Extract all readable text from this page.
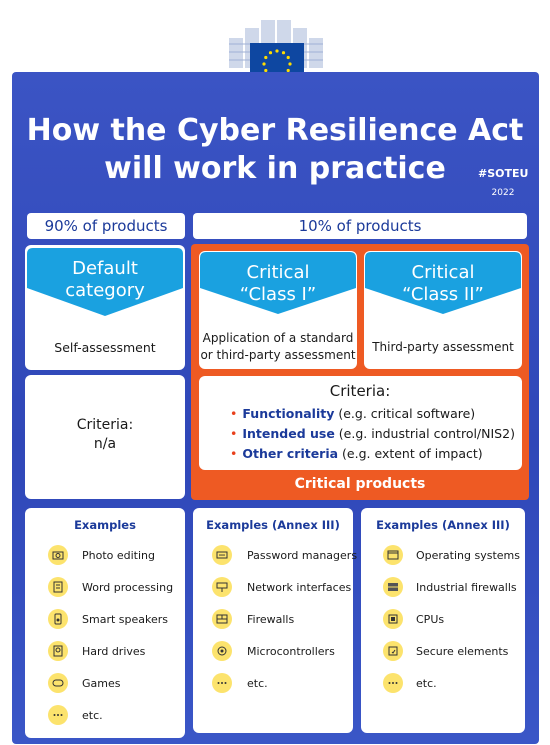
How the Cyber Resilience Act
will work in practice	#SOTEU
2022
90% of products	10% of products
Default
category
Self-assessment
Criteria:
n/a
Critical
“Class I”
Application of a standard
or third-party assessment
Critical
“Class II”
Third-party assessment
Criteria:
• Functionality (e.g. critical software)
• Intended use (e.g. industrial control/NIS2)
• Other criteria (e.g. extent of impact)
Critical products
Examples	Examples (Annex III)	Examples (Annex III)
Photo editing
Word processing
Smart speakers
Hard drives
Games
etc.
Password managers
Network interfaces
Firewalls
Microcontrollers
etc.
Operating systems
Industrial firewalls
CPUs
Secure elements
etc.
